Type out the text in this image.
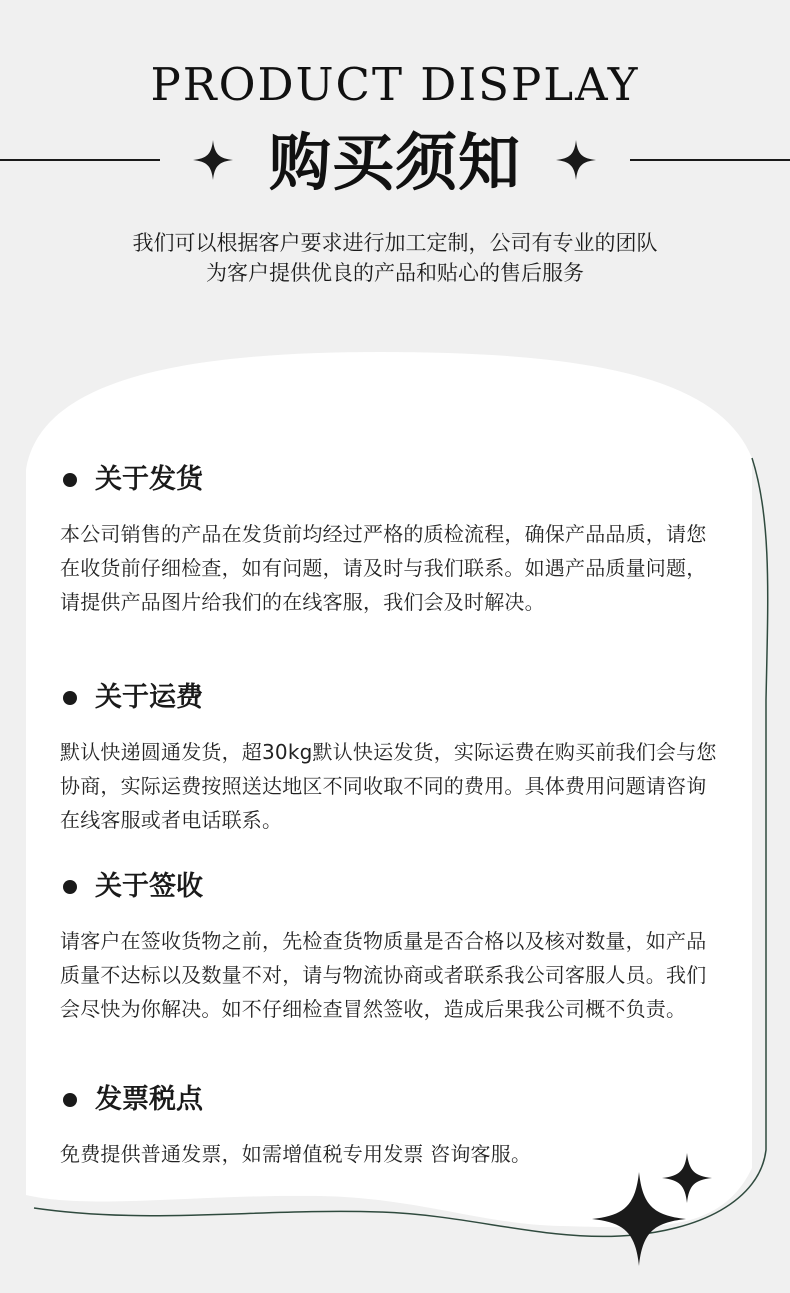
PRODUCT DISPLAY
购买须知
我们可以根据客户要求进行加工定制，公司有专业的团队
为客户提供优良的产品和贴心的售后服务
关于发货
本公司销售的产品在发货前均经过严格的质检流程，确保产品品质，请您在收货前仔细检查，如有问题，请及时与我们联系。如遇产品质量问题，请提供产品图片给我们的在线客服，我们会及时解决。
关于运费
默认快递圆通发货，超30kg默认快运发货，实际运费在购买前我们会与您协商，实际运费按照送达地区不同收取不同的费用。具体费用问题请咨询在线客服或者电话联系。
关于签收
请客户在签收货物之前，先检查货物质量是否合格以及核对数量，如产品质量不达标以及数量不对，请与物流协商或者联系我公司客服人员。我们会尽快为你解决。如不仔细检查冒然签收，造成后果我公司概不负责。
发票税点
免费提供普通发票，如需增值税专用发票 咨询客服。
